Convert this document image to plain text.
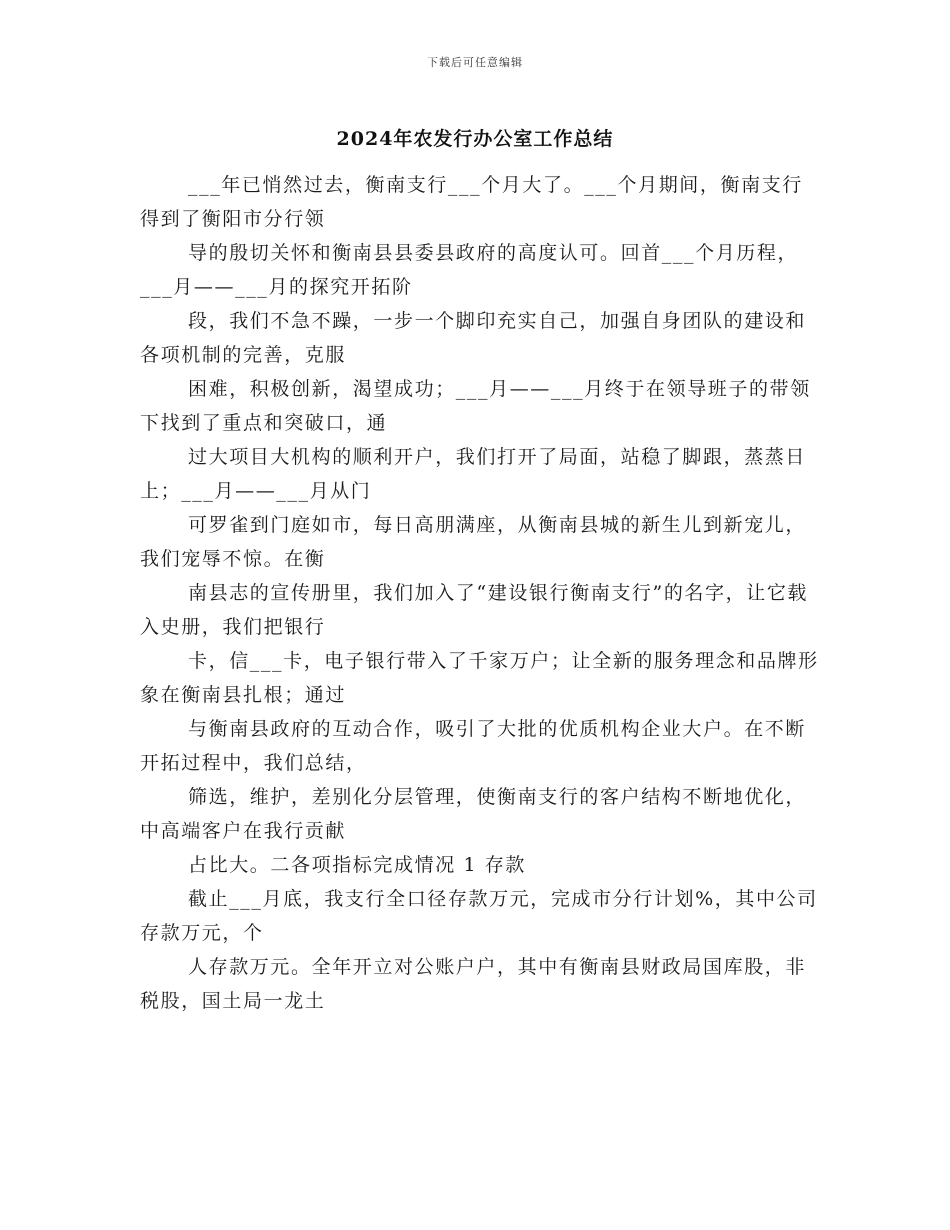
下载后可任意编辑
2024年农发行办公室工作总结

___年已悄然过去，衡南支行___个月大了。___个月期间，衡南支行得到了衡阳市分行领

导的殷切关怀和衡南县县委县政府的高度认可。回首___个月历程，___月——___月的探究开拓阶

段，我们不急不躁，一步一个脚印充实自己，加强自身团队的建设和各项机制的完善，克服

困难，积极创新，渴望成功；___月——___月终于在领导班子的带领下找到了重点和突破口，通

过大项目大机构的顺利开户，我们打开了局面，站稳了脚跟，蒸蒸日上；___月——___月从门

可罗雀到门庭如市，每日高朋满座，从衡南县城的新生儿到新宠儿，我们宠辱不惊。在衡

南县志的宣传册里，我们加入了“建设银行衡南支行”的名字，让它载入史册，我们把银行

卡，信___卡，电子银行带入了千家万户；让全新的服务理念和品牌形象在衡南县扎根；通过

与衡南县政府的互动合作，吸引了大批的优质机构企业大户。在不断开拓过程中，我们总结，

筛选，维护，差别化分层管理，使衡南支行的客户结构不断地优化，中高端客户在我行贡献

占比大。二各项指标完成情况 1 存款

截止___月底，我支行全口径存款万元，完成市分行计划%，其中公司存款万元，个

人存款万元。全年开立对公账户户，其中有衡南县财政局国库股，非税股，国土局一龙土
